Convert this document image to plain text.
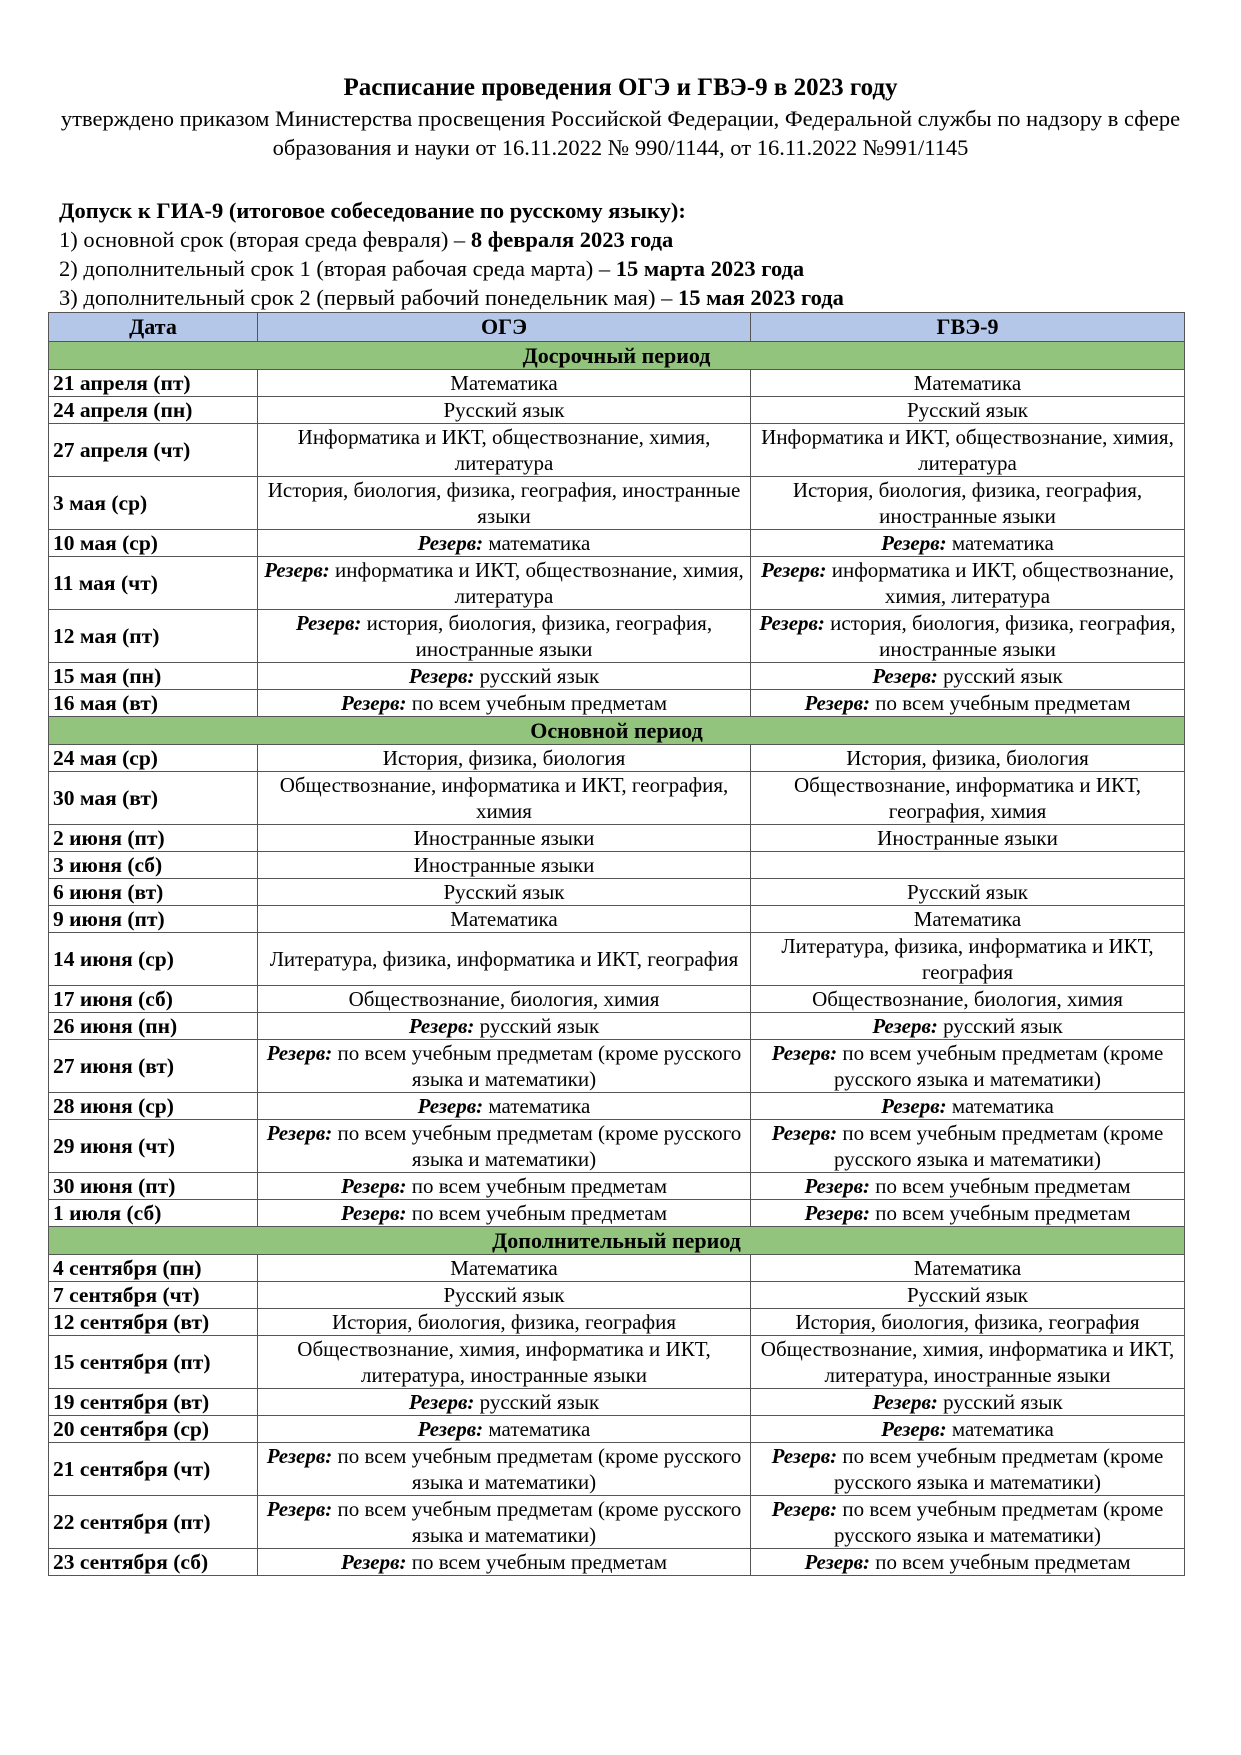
Расписание проведения ОГЭ и ГВЭ-9 в 2023 году
утверждено приказом Министерства просвещения Российской Федерации, Федеральной службы по надзору в сфере образования и науки от 16.11.2022 № 990/1144, от 16.11.2022 №991/1145
Допуск к ГИА-9 (итоговое собеседование по русскому языку):
1) основной срок (вторая среда февраля) – 8 февраля 2023 года
2) дополнительный срок 1 (вторая рабочая среда марта) – 15 марта 2023 года
3) дополнительный срок 2 (первый рабочий понедельник мая) – 15 мая 2023 года
Дата	ОГЭ	ГВЭ-9
Досрочный период		
21 апреля (пт)	Математика	Математика
24 апреля (пн)	Русский язык	Русский язык
27 апреля (чт)	Информатика и ИКТ, обществознание, химия, литература	Информатика и ИКТ, обществознание, химия, литература
3 мая (ср)	История, биология, физика, география, иностранные языки	История, биология, физика, география, иностранные языки
10 мая (ср)	Резерв: математика	Резерв: математика
11 мая (чт)	Резерв: информатика и ИКТ, обществознание, химия, литература	Резерв: информатика и ИКТ, обществознание, химия, литература
12 мая (пт)	Резерв: история, биология, физика, география, иностранные языки	Резерв: история, биология, физика, география, иностранные языки
15 мая (пн)	Резерв: русский язык	Резерв: русский язык
16 мая (вт)	Резерв: по всем учебным предметам	Резерв: по всем учебным предметам
Основной период		
24 мая (ср)	История, физика, биология	История, физика, биология
30 мая (вт)	Обществознание, информатика и ИКТ, география, химия	Обществознание, информатика и ИКТ, география, химия
2 июня (пт)	Иностранные языки	Иностранные языки
3 июня (сб)	Иностранные языки	
6 июня (вт)	Русский язык	Русский язык
9 июня (пт)	Математика	Математика
14 июня (ср)	Литература, физика, информатика и ИКТ, география	Литература, физика, информатика и ИКТ, география
17 июня (сб)	Обществознание, биология, химия	Обществознание, биология, химия
26 июня (пн)	Резерв: русский язык	Резерв: русский язык
27 июня (вт)	Резерв: по всем учебным предметам (кроме русского языка и математики)	Резерв: по всем учебным предметам (кроме русского языка и математики)
28 июня (ср)	Резерв: математика	Резерв: математика
29 июня (чт)	Резерв: по всем учебным предметам (кроме русского языка и математики)	Резерв: по всем учебным предметам (кроме русского языка и математики)
30 июня (пт)	Резерв: по всем учебным предметам	Резерв: по всем учебным предметам
1 июля (сб)	Резерв: по всем учебным предметам	Резерв: по всем учебным предметам
Дополнительный период		
4 сентября (пн)	Математика	Математика
7 сентября (чт)	Русский язык	Русский язык
12 сентября (вт)	История, биология, физика, география	История, биология, физика, география
15 сентября (пт)	Обществознание, химия, информатика и ИКТ, литература, иностранные языки	Обществознание, химия, информатика и ИКТ, литература, иностранные языки
19 сентября (вт)	Резерв: русский язык	Резерв: русский язык
20 сентября (ср)	Резерв: математика	Резерв: математика
21 сентября (чт)	Резерв: по всем учебным предметам (кроме русского языка и математики)	Резерв: по всем учебным предметам (кроме русского языка и математики)
22 сентября (пт)	Резерв: по всем учебным предметам (кроме русского языка и математики)	Резерв: по всем учебным предметам (кроме русского языка и математики)
23 сентября (сб)	Резерв: по всем учебным предметам	Резерв: по всем учебным предметам
